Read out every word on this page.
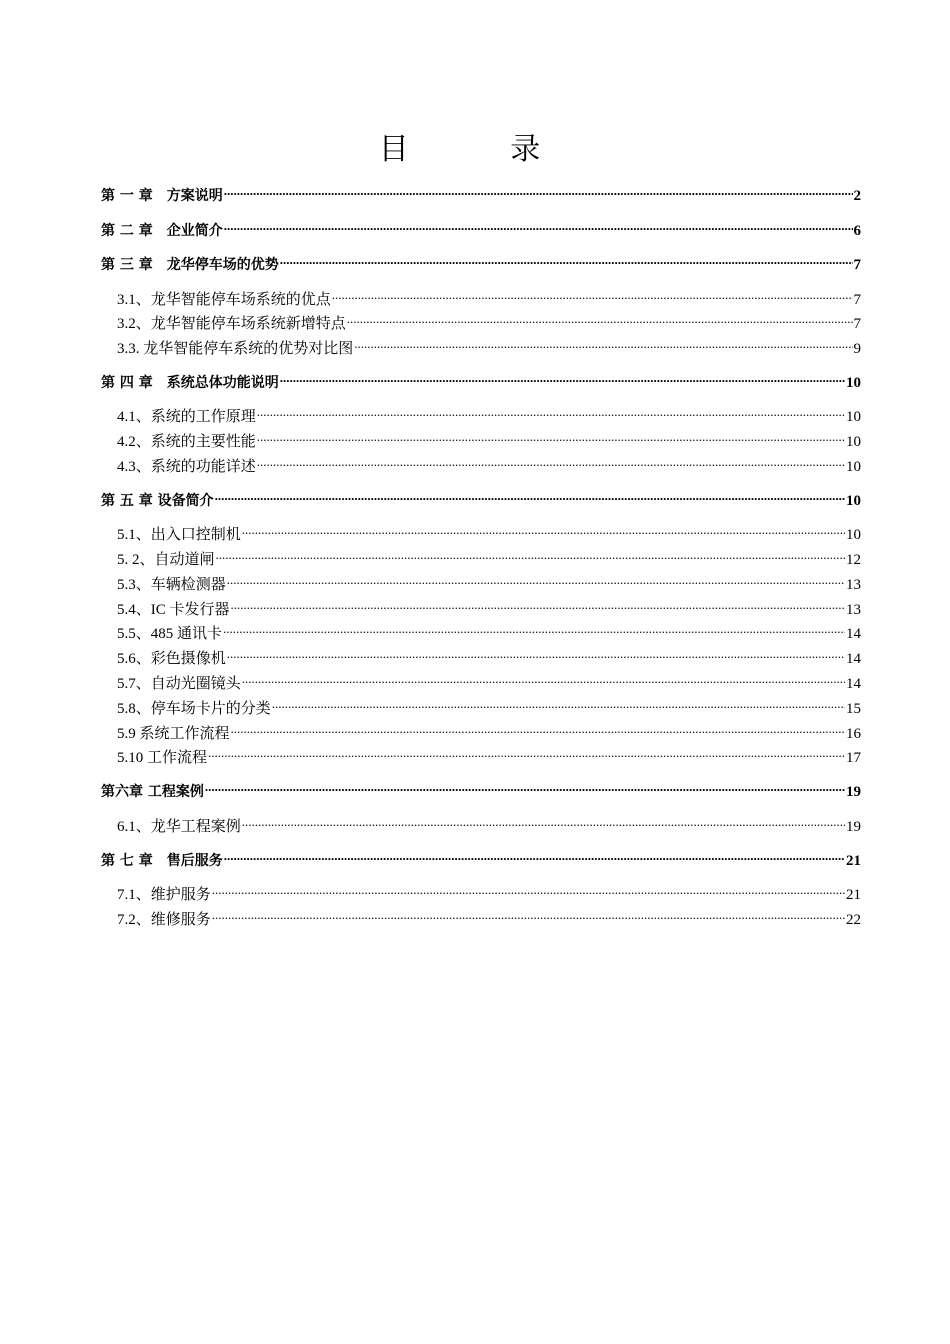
目 录
第 一 章　方案说明 .....	2
第 二 章　企业简介 .....	6
第 三 章　龙华停车场的优势 .....	7
3.1、龙华智能停车场系统的优点 .....	7
3.2、龙华智能停车场系统新增特点 .....	7
3.3. 龙华智能停车系统的优势对比图 .....	9
第 四 章　系统总体功能说明 .....	10
4.1、系统的工作原理 .....	10
4.2、系统的主要性能 .....	10
4.3、系统的功能详述 .....	10
第 五 章 设备简介 .....	10
5.1、出入口控制机 .....	10
5. 2、自动道闸 .....	12
5.3、车辆检测器 .....	13
5.4、IC 卡发行器 .....	13
5.5、485 通讯卡 .....	14
5.6、彩色摄像机 .....	14
5.7、自动光圈镜头 .....	14
5.8、停车场卡片的分类 .....	15
5.9 系统工作流程 .....	16
5.10 工作流程 .....	17
第六章 工程案例 .....	19
6.1、龙华工程案例 .....	19
第 七 章　售后服务 .....	21
7.1、维护服务 .....	21
7.2、维修服务 .....	22
